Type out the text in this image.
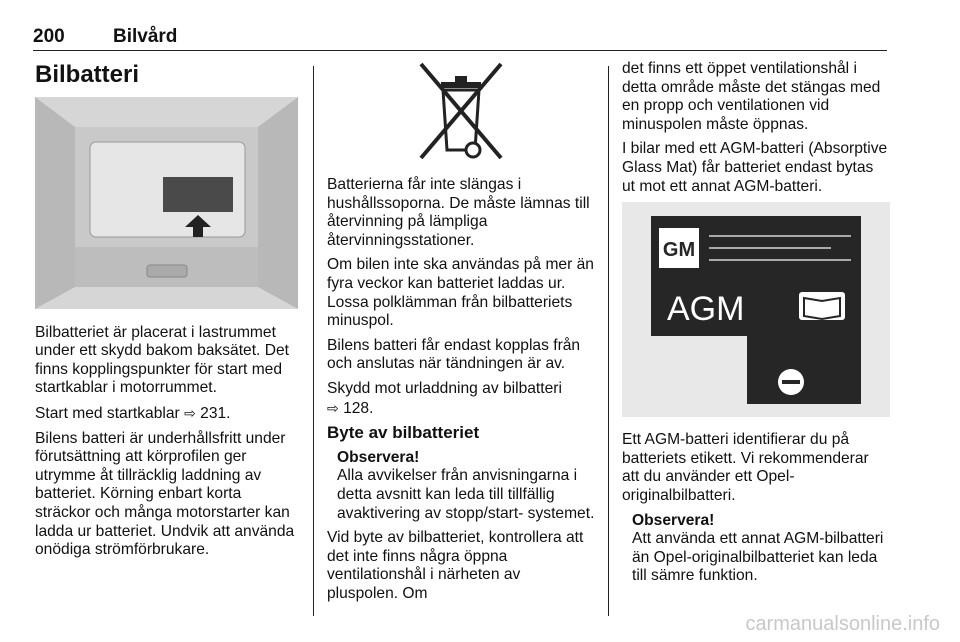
200	Bilvård
Bilbatteri

Bilbatteriet är placerat i lastrummet under ett skydd bakom baksätet. Det finns kopplingspunkter för start med startkablar i motorrummet.

Start med startkablar ⇨ 231.

Bilens batteri är underhållsfritt under förutsättning att körprofilen ger utrymme åt tillräcklig laddning av batteriet. Körning enbart korta sträckor och många motorstarter kan ladda ur batteriet. Undvik att använda onödiga strömförbrukare.

Batterierna får inte slängas i hushållssoporna. De måste lämnas till återvinning på lämpliga återvinningsstationer.

Om bilen inte ska användas på mer än fyra veckor kan batteriet laddas ur. Lossa polklämman från bilbatteriets minuspol.

Bilens batteri får endast kopplas från och anslutas när tändningen är av.

Skydd mot urladdning av bilbatteri
⇨ 128.

Byte av bilbatteriet
Observera!

Alla avvikelser från anvisningarna i detta avsnitt kan leda till tillfällig avaktivering av stopp/start- systemet.

Vid byte av bilbatteriet, kontrollera att det inte finns några öppna ventilationshål i närheten av pluspolen. Om

det finns ett öppet ventilationshål i detta område måste det stängas med en propp och ventilationen vid minuspolen måste öppnas.

I bilar med ett AGM-batteri (Absorptive Glass Mat) får batteriet endast bytas ut mot ett annat AGM-batteri.

GM
AGM

Ett AGM-batteri identifierar du på batteriets etikett. Vi rekommenderar att du använder ett Opel-originalbilbatteri.

Observera!

Att använda ett annat AGM-bilbatteri än Opel-originalbilbatteriet kan leda till sämre funktion.

carmanualsonline.info
